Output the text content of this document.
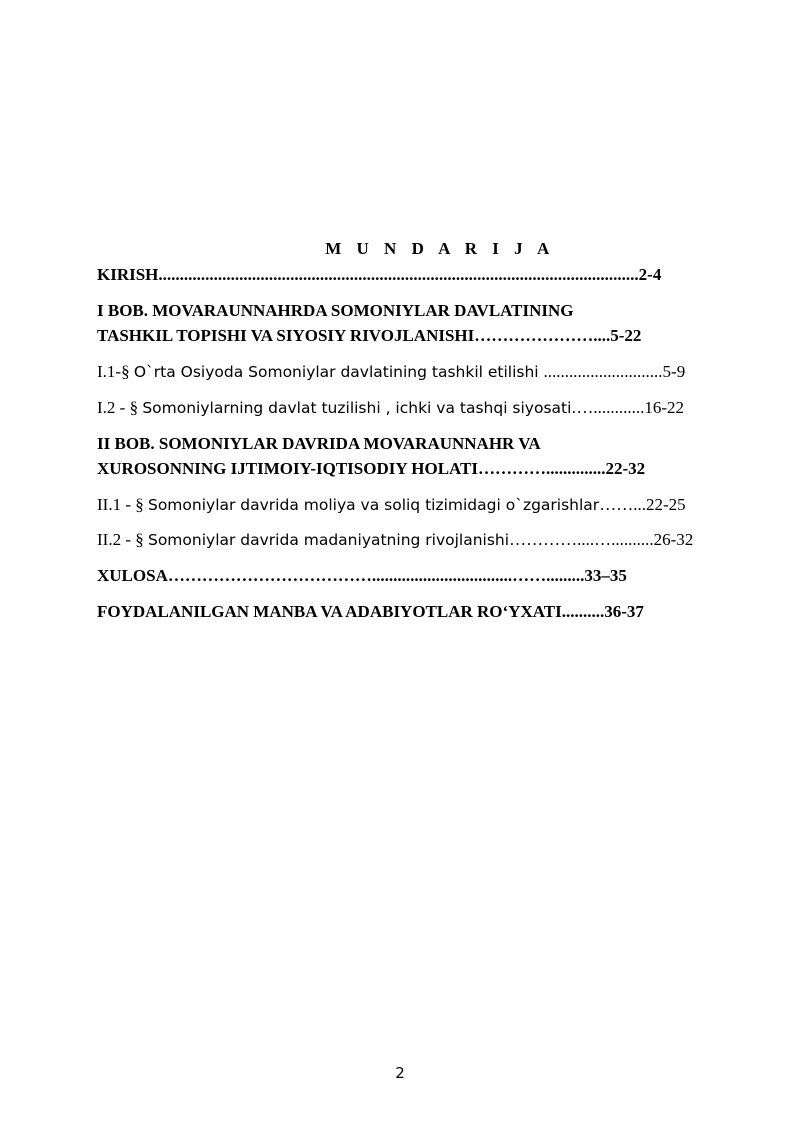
M U N D A R I J A
KIRISH.................................................................................................................2-4
I BOB. MOVARAUNNAHRDA SOMONIYLAR DAVLATINING
TASHKIL TOPISHI VA SIYOSIY RIVOJLANISHI…………………....5-22
I.1-§ O`rta Osiyoda Somoniylar davlatining tashkil etilishi ............................5-9
I.2 - § Somoniylarning davlat tuzilishi , ichki va tashqi siyosati.…............16-22
II BOB. SOMONIYLAR DAVRIDA MOVARAUNNAHR VA
XUROSONNING IJTIMOIY-IQTISODIY HOLATI…………..............22-32
II.1 - § Somoniylar davrida moliya va soliq tizimidagi o`zgarishlar……...22-25
II.2 - § Somoniylar davrida madaniyatning rivojlanishi…………....…..........26-32
XULOSA……………………………….................................…….........33–35
FOYDALANILGAN MANBA VA ADABIYOTLAR RO‘YXATI..........36-37
2
